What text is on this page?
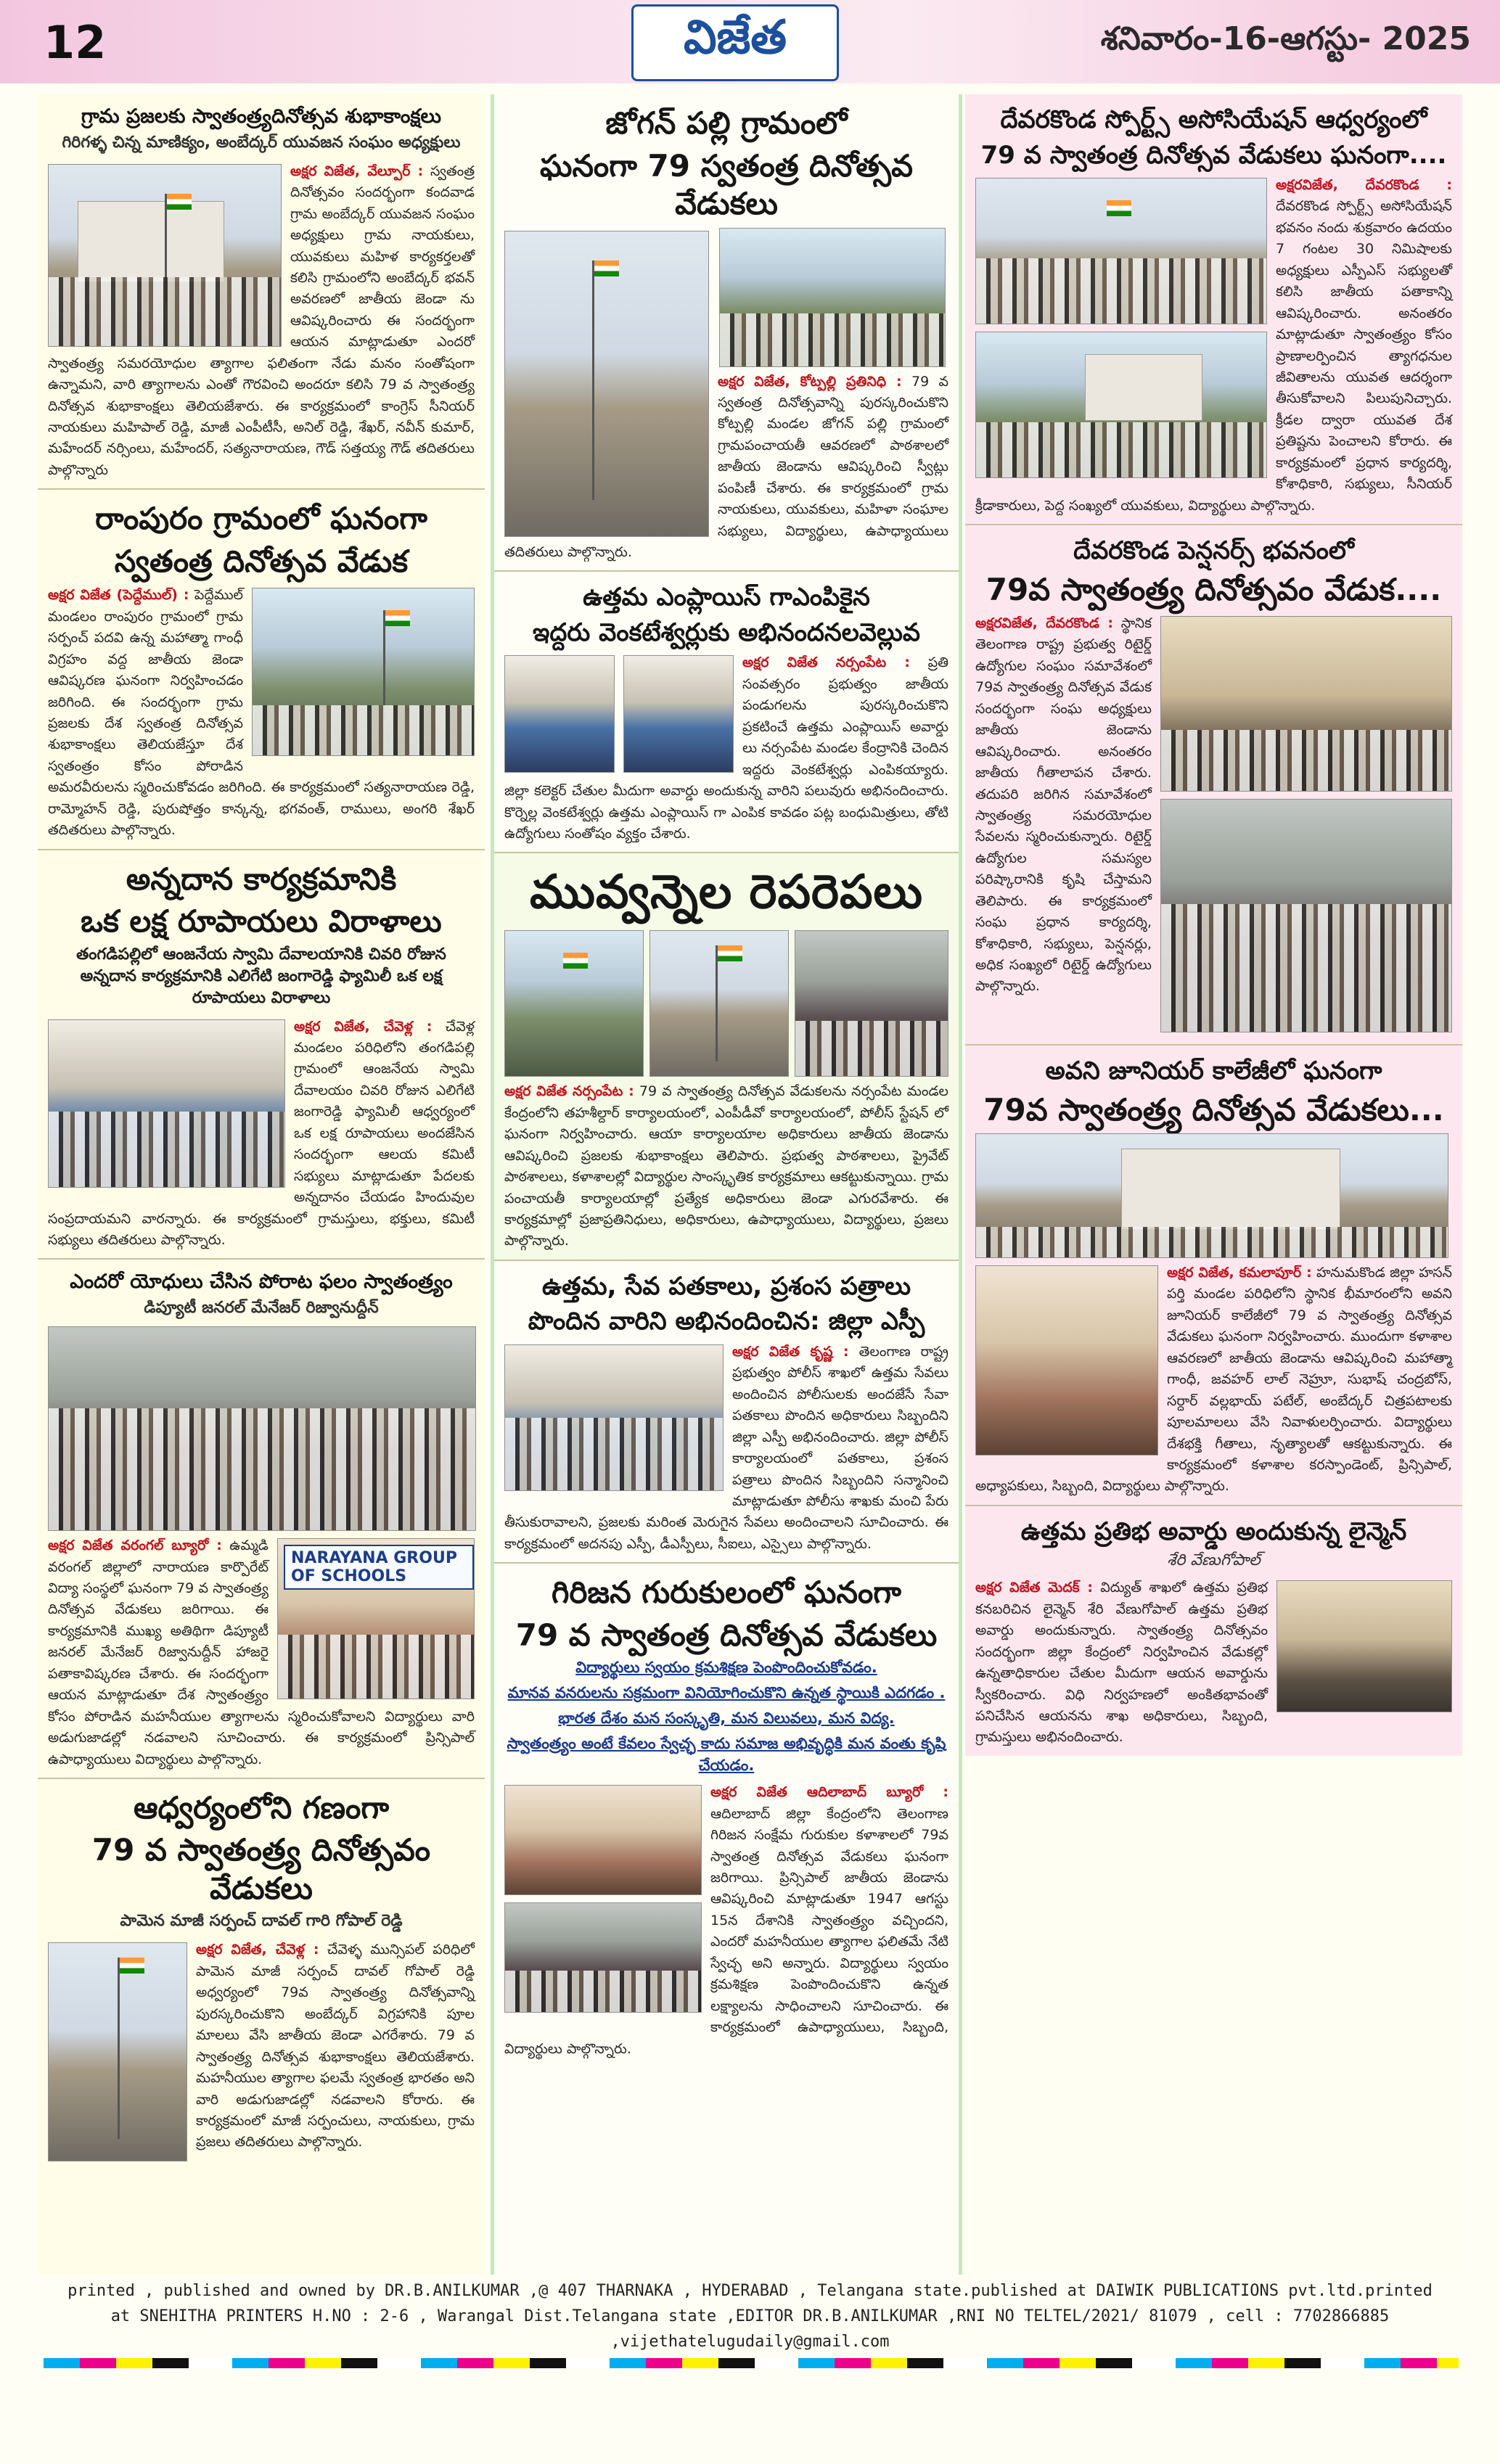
12	విజేత	శనివారం-16-ఆగస్టు- 2025
గ్రామ ప్రజలకు స్వాతంత్ర్యదినోత్సవ శుభాకాంక్షలు
గిరిగళ్ళ చిన్న మాణిక్యం, అంబేద్కర్ యువజన సంఘం అధ్యక్షులు
అక్షర విజేత, వేల్పూర్ : స్వతంత్ర దినోత్సవం సందర్భంగా కందవాడ గ్రామ అంబేద్కర్ యువజన సంఘం అధ్యక్షులు గ్రామ నాయకులు, యువకులు మహిళ కార్యకర్తలతో కలిసి గ్రామంలోని అంబేద్కర్ భవన్ అవరణలో జాతీయ జెండా ను ఆవిష్కరించారు ఈ సందర్భంగా ఆయన మాట్లాడుతూ ఎందరో స్వాతంత్ర్య సమరయోధుల త్యాగాల ఫలితంగా నేడు మనం సంతోషంగా ఉన్నామని, వారి త్యాగాలను ఎంతో గౌరవించి అందరూ కలిసి 79 వ స్వాతంత్ర్య దినోత్సవ శుభాకాంక్షలు తెలియజేశారు. ఈ కార్యక్రమంలో కాంగ్రెస్ సీనియర్ నాయకులు మహిపాల్ రెడ్డి, మాజీ ఎంపీటీసీ, అనిల్ రెడ్డి, శేఖర్, నవీన్ కుమార్, మహేందర్ నర్సింలు, మహేందర్, సత్యనారాయణ, గౌడ్ సత్తయ్య గౌడ్ తదితరులు పాల్గొన్నారు
రాంపురం గ్రామంలో ఘనంగా
స్వతంత్ర దినోత్సవ వేడుక
అక్షర విజేత (పెద్దేముల్) : పెద్దేముల్ మండలం రాంపురం గ్రామంలో గ్రామ సర్పంచ్ పదవి ఉన్న మహాత్మా గాంధీ విగ్రహం వద్ద జాతీయ జెండా ఆవిష్కరణ ఘనంగా నిర్వహించడం జరిగింది. ఈ సందర్భంగా గ్రామ ప్రజలకు దేశ స్వతంత్ర దినోత్సవ శుభాకాంక్షలు తెలియజేస్తూ దేశ స్వతంత్రం కోసం పోరాడిన అమరవీరులను స్మరించుకోవడం జరిగింది. ఈ కార్యక్రమంలో సత్యనారాయణ రెడ్డి, రామ్మోహన్ రెడ్డి, పురుషోత్తం కాన్కన్న, భగవంత్, రాములు, అంగరి శేఖర్ తదితరులు పాల్గొన్నారు.
అన్నదాన కార్యక్రమానికి
ఒక లక్ష రూపాయలు విరాళాలు
తంగడిపల్లిలో ఆంజనేయ స్వామి దేవాలయానికి చివరి రోజున అన్నదాన కార్యక్రమానికి ఎలిగేటి జంగారెడ్డి ఫ్యామిలీ ఒక లక్ష రూపాయలు విరాళాలు
అక్షర విజేత, చేవెళ్ల : చేవెళ్ల మండలం పరిధిలోని తంగడిపల్లి గ్రామంలో ఆంజనేయ స్వామి దేవాలయం చివరి రోజున ఎలిగేటి జంగారెడ్డి ఫ్యామిలీ ఆధ్వర్యంలో ఒక లక్ష రూపాయలు అందజేసిన సందర్భంగా ఆలయ కమిటీ సభ్యులు మాట్లాడుతూ పేదలకు అన్నదానం చేయడం హిందువుల సంప్రదాయమని వారన్నారు. ఈ కార్యక్రమంలో గ్రామస్తులు, భక్తులు, కమిటీ సభ్యులు తదితరులు పాల్గొన్నారు.
ఎందరో యోధులు చేసిన పోరాట ఫలం స్వాతంత్ర్యం
డిప్యూటీ జనరల్ మేనేజర్ రిజ్వానుద్దీన్
NARAYANA GROUP OF SCHOOLS
అక్షర విజేత వరంగల్ బ్యూరో : ఉమ్మడి వరంగల్ జిల్లాలో నారాయణ కార్పొరేట్ విద్యా సంస్థలో ఘనంగా 79 వ స్వాతంత్ర్య దినోత్సవ వేడుకలు జరిగాయి. ఈ కార్యక్రమానికి ముఖ్య అతిథిగా డిప్యూటీ జనరల్ మేనేజర్ రిజ్వానుద్దీన్ హాజరై పతాకావిష్కరణ చేశారు. ఈ సందర్భంగా ఆయన మాట్లాడుతూ దేశ స్వాతంత్ర్యం కోసం పోరాడిన మహనీయుల త్యాగాలను స్మరించుకోవాలని విద్యార్థులు వారి అడుగుజాడల్లో నడవాలని సూచించారు. ఈ కార్యక్రమంలో ప్రిన్సిపాల్ ఉపాధ్యాయులు విద్యార్థులు పాల్గొన్నారు.
ఆధ్వర్యంలోని గణంగా
79 వ స్వాతంత్ర్య దినోత్సవం వేడుకలు
పామెన మాజీ సర్పంచ్ దావల్ గారి గోపాల్ రెడ్డి
అక్షర విజేత, చేవెళ్ల : చేవెళ్ళ మున్సిపల్ పరిధిలో పామెన మాజీ సర్పంచ్ దావల్ గోపాల్ రెడ్డి అధ్వర్యంలో 79వ స్వాతంత్ర్య దినోత్సవాన్ని పురస్కరించుకొని అంబేద్కర్ విగ్రహానికి పూల మాలలు వేసి జాతీయ జెండా ఎగరేశారు. 79 వ స్వాతంత్ర్య దినోత్సవ శుభాకాంక్షలు తెలియజేశారు. మహనీయుల త్యాగాల ఫలమే స్వతంత్ర భారతం అని వారి అడుగుజాడల్లో నడవాలని కోరారు. ఈ కార్యక్రమంలో మాజీ సర్పంచులు, నాయకులు, గ్రామ ప్రజలు తదితరులు పాల్గొన్నారు.
జోగన్ పల్లి గ్రామంలో
ఘనంగా 79 స్వతంత్ర దినోత్సవ వేడుకలు
అక్షర విజేత, కోట్పల్లి ప్రతినిధి : 79 వ స్వతంత్ర దినోత్సవాన్ని పురస్కరించుకొని కోట్పల్లి మండల జోగన్ పల్లి గ్రామంలో గ్రామపంచాయతీ ఆవరణలో పాఠశాలలో జాతీయ జెండాను ఆవిష్కరించి స్వీట్లు పంపిణీ చేశారు. ఈ కార్యక్రమంలో గ్రామ నాయకులు, యువకులు, మహిళా సంఘాల సభ్యులు, విద్యార్థులు, ఉపాధ్యాయులు తదితరులు పాల్గొన్నారు.
ఉత్తమ ఎంప్లాయిస్ గాఎంపికైన
ఇద్దరు వెంకటేశ్వర్లుకు అభినందనలవెల్లువ
అక్షర విజేత నర్సంపేట : ప్రతి సంవత్సరం ప్రభుత్వం జాతీయ పండుగలను పురస్కరించుకొని ప్రకటించే ఉత్తమ ఎంప్లాయిస్ అవార్డు లు నర్సంపేట మండల కేంద్రానికి చెందిన ఇద్దరు వెంకటేశ్వర్లు ఎంపికయ్యారు. జిల్లా కలెక్టర్ చేతుల మీదుగా అవార్డు అందుకున్న వారిని పలువురు అభినందించారు. కొర్నెల్ల వెంకటేశ్వర్లు ఉత్తమ ఎంప్లాయిస్ గా ఎంపిక కావడం పట్ల బంధుమిత్రులు, తోటి ఉద్యోగులు సంతోషం వ్యక్తం చేశారు.
మువ్వన్నెల రెపరెపలు
అక్షర విజేత నర్సంపేట : 79 వ స్వాతంత్ర్య దినోత్సవ వేడుకలను నర్సంపేట మండల కేంద్రంలోని తహశీల్దార్ కార్యాలయంలో, ఎంపీడీవో కార్యాలయంలో, పోలీస్ స్టేషన్ లో ఘనంగా నిర్వహించారు. ఆయా కార్యాలయాల అధికారులు జాతీయ జెండాను ఆవిష్కరించి ప్రజలకు శుభాకాంక్షలు తెలిపారు. ప్రభుత్వ పాఠశాలలు, ప్రైవేట్ పాఠశాలలు, కళాశాలల్లో విద్యార్థుల సాంస్కృతిక కార్యక్రమాలు ఆకట్టుకున్నాయి. గ్రామ పంచాయతీ కార్యాలయాల్లో ప్రత్యేక అధికారులు జెండా ఎగురవేశారు. ఈ కార్యక్రమాల్లో ప్రజాప్రతినిధులు, అధికారులు, ఉపాధ్యాయులు, విద్యార్థులు, ప్రజలు పాల్గొన్నారు.
ఉత్తమ, సేవ పతకాలు, ప్రశంస పత్రాలు
పొందిన వారిని అభినందించిన: జిల్లా ఎస్పీ
అక్షర విజేత కృష్ణ : తెలంగాణ రాష్ట్ర ప్రభుత్వం పోలీస్ శాఖలో ఉత్తమ సేవలు అందించిన పోలీసులకు అందజేసే సేవా పతకాలు పొందిన అధికారులు సిబ్బందిని జిల్లా ఎస్పీ అభినందించారు. జిల్లా పోలీస్ కార్యాలయంలో పతకాలు, ప్రశంస పత్రాలు పొందిన సిబ్బందిని సన్మానించి మాట్లాడుతూ పోలీసు శాఖకు మంచి పేరు తీసుకురావాలని, ప్రజలకు మరింత మెరుగైన సేవలు అందించాలని సూచించారు. ఈ కార్యక్రమంలో అదనపు ఎస్పీ, డీఎస్పీలు, సీఐలు, ఎస్సైలు పాల్గొన్నారు.
గిరిజన గురుకులంలో ఘనంగా
79 వ స్వాతంత్ర దినోత్సవ వేడుకలు
విద్యార్థులు స్వయం క్రమశిక్షణ పెంపొందించుకోవడం.
మానవ వనరులను సక్రమంగా వినియోగించుకొని ఉన్నత స్థాయికి ఎదగడం .
భారత దేశం మన సంస్కృతి, మన విలువలు, మన విద్య.
స్వాతంత్ర్యం అంటే కేవలం స్వేచ్ఛ కాదు సమాజ అభివృద్ధికి మన వంతు కృషి చేయడం.
అక్షర విజేత ఆదిలాబాద్ బ్యూరో : ఆదిలాబాద్ జిల్లా కేంద్రంలోని తెలంగాణ గిరిజన సంక్షేమ గురుకుల కళాశాలలో 79వ స్వాతంత్ర దినోత్సవ వేడుకలు ఘనంగా జరిగాయి. ప్రిన్సిపాల్ జాతీయ జెండాను ఆవిష్కరించి మాట్లాడుతూ 1947 ఆగస్టు 15న దేశానికి స్వాతంత్ర్యం వచ్చిందని, ఎందరో మహనీయుల త్యాగాల ఫలితమే నేటి స్వేచ్ఛ అని అన్నారు. విద్యార్థులు స్వయం క్రమశిక్షణ పెంపొందించుకొని ఉన్నత లక్ష్యాలను సాధించాలని సూచించారు. ఈ కార్యక్రమంలో ఉపాధ్యాయులు, సిబ్బంది, విద్యార్థులు పాల్గొన్నారు.
దేవరకొండ స్పోర్ట్స్ అసోసియేషన్ ఆధ్వర్యంలో
79 వ స్వాతంత్ర దినోత్సవ వేడుకలు ఘనంగా....
అక్షరవిజేత, దేవరకొండ : దేవరకొండ స్పోర్ట్స్ అసోసియేషన్ భవనం నందు శుక్రవారం ఉదయం 7 గంటల 30 నిమిషాలకు అధ్యక్షులు ఎస్పీఎస్ సభ్యులతో కలిసి జాతీయ పతాకాన్ని ఆవిష్కరించారు. అనంతరం మాట్లాడుతూ స్వాతంత్ర్యం కోసం ప్రాణాలర్పించిన త్యాగధనుల జీవితాలను యువత ఆదర్శంగా తీసుకోవాలని పిలుపునిచ్చారు. క్రీడల ద్వారా యువత దేశ ప్రతిష్టను పెంచాలని కోరారు. ఈ కార్యక్రమంలో ప్రధాన కార్యదర్శి, కోశాధికారి, సభ్యులు, సీనియర్ క్రీడాకారులు, పెద్ద సంఖ్యలో యువకులు, విద్యార్థులు పాల్గొన్నారు.
దేవరకొండ పెన్షనర్స్ భవనంలో
79వ స్వాతంత్ర్య దినోత్సవం వేడుక....
అక్షరవిజేత, దేవరకొండ : స్థానిక తెలంగాణ రాష్ట్ర ప్రభుత్వ రిటైర్డ్ ఉద్యోగుల సంఘం సమావేశంలో 79వ స్వాతంత్ర్య దినోత్సవ వేడుక సందర్భంగా సంఘ అధ్యక్షులు జాతీయ జెండాను ఆవిష్కరించారు. అనంతరం జాతీయ గీతాలాపన చేశారు. తదుపరి జరిగిన సమావేశంలో స్వాతంత్ర్య సమరయోధుల సేవలను స్మరించుకున్నారు. రిటైర్డ్ ఉద్యోగుల సమస్యల పరిష్కారానికి కృషి చేస్తామని తెలిపారు. ఈ కార్యక్రమంలో సంఘ ప్రధాన కార్యదర్శి, కోశాధికారి, సభ్యులు, పెన్షనర్లు, అధిక సంఖ్యలో రిటైర్డ్ ఉద్యోగులు పాల్గొన్నారు.
అవని జూనియర్ కాలేజీలో ఘనంగా
79వ స్వాతంత్ర్య దినోత్సవ వేడుకలు...
అక్షర విజేత, కమలాపూర్ : హనుమకొండ జిల్లా హసన్ పర్తి మండల పరిధిలోని స్థానిక భీమారంలోని అవని జూనియర్ కాలేజీలో 79 వ స్వాతంత్ర్య దినోత్సవ వేడుకలు ఘనంగా నిర్వహించారు. ముందుగా కళాశాల ఆవరణలో జాతీయ జెండాను ఆవిష్కరించి మహాత్మా గాంధీ, జవహర్ లాల్ నెహ్రూ, సుభాష్ చంద్రబోస్, సర్దార్ వల్లభాయ్ పటేల్, అంబేద్కర్ చిత్రపటాలకు పూలమాలలు వేసి నివాళులర్పించారు. విద్యార్థులు దేశభక్తి గీతాలు, నృత్యాలతో ఆకట్టుకున్నారు. ఈ కార్యక్రమంలో కళాశాల కరస్పాండెంట్, ప్రిన్సిపాల్, అధ్యాపకులు, సిబ్బంది, విద్యార్థులు పాల్గొన్నారు.
ఉత్తమ ప్రతిభ అవార్డు అందుకున్న లైన్మెన్
శేరి వేణుగోపాల్
అక్షర విజేత మెదక్ : విద్యుత్ శాఖలో ఉత్తమ ప్రతిభ కనబరిచిన లైన్మెన్ శేరి వేణుగోపాల్ ఉత్తమ ప్రతిభ అవార్డు అందుకున్నారు. స్వాతంత్ర్య దినోత్సవం సందర్భంగా జిల్లా కేంద్రంలో నిర్వహించిన వేడుకల్లో ఉన్నతాధికారుల చేతుల మీదుగా ఆయన అవార్డును స్వీకరించారు. విధి నిర్వహణలో అంకితభావంతో పనిచేసిన ఆయనను శాఖ అధికారులు, సిబ్బంది, గ్రామస్తులు అభినందించారు.
printed , published and owned by DR.B.ANILKUMAR ,@ 407 THARNAKA , HYDERABAD , Telangana state.published at DAIWIK PUBLICATIONS pvt.ltd.printed
at SNEHITHA PRINTERS H.NO : 2-6 , Warangal Dist.Telangana state ,EDITOR DR.B.ANILKUMAR ,RNI NO TELTEL/2021/ 81079 , cell : 7702866885 ,vijethatelugudaily@gmail.com
